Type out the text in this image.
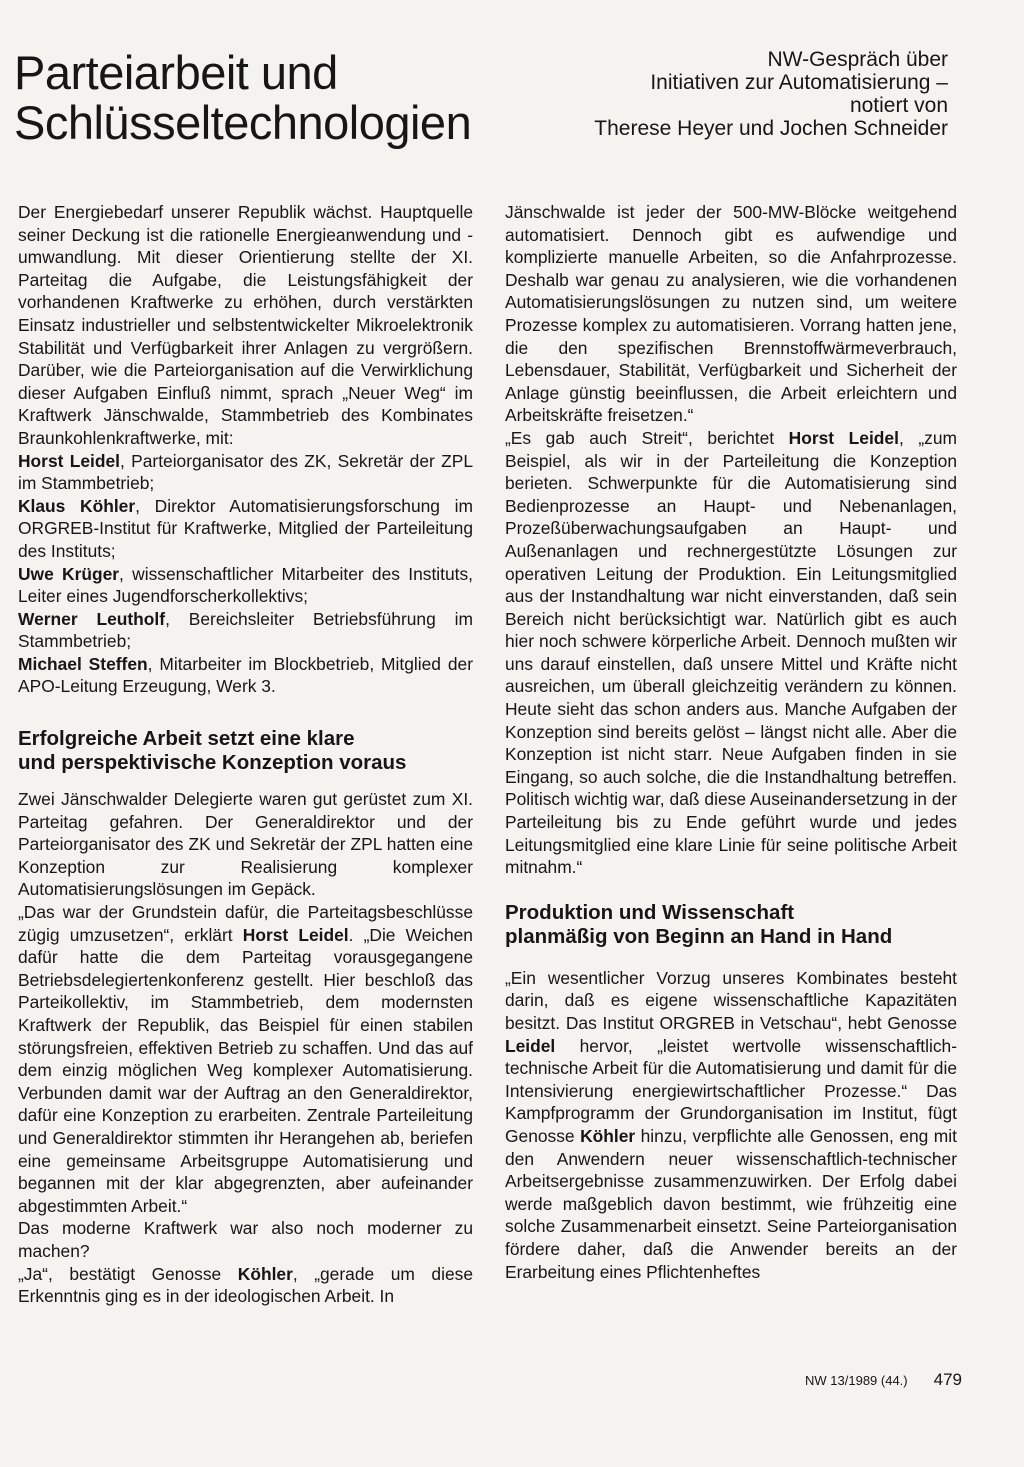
Parteiarbeit und
Schlüsseltechnologien
NW-Gespräch über
Initiativen zur Automatisierung –
notiert von
Therese Heyer und Jochen Schneider

Der Energiebedarf unserer Republik wächst. Hauptquelle seiner Deckung ist die rationelle Energieanwendung und -umwandlung. Mit dieser Orientierung stellte der XI. Parteitag die Aufgabe, die Leistungsfähigkeit der vorhandenen Kraftwerke zu erhöhen, durch verstärkten Einsatz industrieller und selbstentwickelter Mikroelektronik Stabilität und Verfügbarkeit ihrer Anlagen zu vergrößern. Darüber, wie die Parteiorganisation auf die Verwirklichung dieser Aufgaben Einfluß nimmt, sprach „Neuer Weg“ im Kraftwerk Jänschwalde, Stammbetrieb des Kombinates Braunkohlenkraftwerke, mit:

Horst Leidel, Parteiorganisator des ZK, Sekretär der ZPL im Stammbetrieb;

Klaus Köhler, Direktor Automatisierungsforschung im ORGREB-Institut für Kraftwerke, Mitglied der Parteileitung des Instituts;

Uwe Krüger, wissenschaftlicher Mitarbeiter des Instituts, Leiter eines Jugendforscherkollektivs;

Werner Leutholf, Bereichsleiter Betriebsführung im Stammbetrieb;

Michael Steffen, Mitarbeiter im Blockbetrieb, Mitglied der APO-Leitung Erzeugung, Werk 3.

Erfolgreiche Arbeit setzt eine klare
und perspektivische Konzeption voraus

Zwei Jänschwalder Delegierte waren gut gerüstet zum XI. Parteitag gefahren. Der Generaldirektor und der Parteiorganisator des ZK und Sekretär der ZPL hatten eine Konzeption zur Realisierung komplexer Automatisierungslösungen im Gepäck.

„Das war der Grundstein dafür, die Parteitagsbeschlüsse zügig umzusetzen“, erklärt Horst Leidel. „Die Weichen dafür hatte die dem Parteitag vorausgegangene Betriebsdelegiertenkonferenz gestellt. Hier beschloß das Parteikollektiv, im Stammbetrieb, dem modernsten Kraftwerk der Republik, das Beispiel für einen stabilen störungsfreien, effektiven Betrieb zu schaffen. Und das auf dem einzig möglichen Weg komplexer Automatisierung. Verbunden damit war der Auftrag an den Generaldirektor, dafür eine Konzeption zu erarbeiten. Zentrale Parteileitung und Generaldirektor stimmten ihr Herangehen ab, beriefen eine gemeinsame Arbeitsgruppe Automatisierung und begannen mit der klar abgegrenzten, aber aufeinander abgestimmten Arbeit.“

Das moderne Kraftwerk war also noch moderner zu machen?

„Ja“, bestätigt Genosse Köhler, „gerade um diese Erkenntnis ging es in der ideologischen Arbeit. In

Jänschwalde ist jeder der 500-MW-Blöcke weitgehend automatisiert. Dennoch gibt es aufwendige und komplizierte manuelle Arbeiten, so die Anfahrprozesse. Deshalb war genau zu analysieren, wie die vorhandenen Automatisierungslösungen zu nutzen sind, um weitere Prozesse komplex zu automatisieren. Vorrang hatten jene, die den spezifischen Brennstoffwärmeverbrauch, Lebensdauer, Stabilität, Verfügbarkeit und Sicherheit der Anlage günstig beeinflussen, die Arbeit erleichtern und Arbeitskräfte freisetzen.“

„Es gab auch Streit“, berichtet Horst Leidel, „zum Beispiel, als wir in der Parteileitung die Konzeption berieten. Schwerpunkte für die Automatisierung sind Bedienprozesse an Haupt- und Nebenanlagen, Prozeßüberwachungsaufgaben an Haupt- und Außenanlagen und rechnergestützte Lösungen zur operativen Leitung der Produktion. Ein Leitungsmitglied aus der Instandhaltung war nicht einverstanden, daß sein Bereich nicht berücksichtigt war. Natürlich gibt es auch hier noch schwere körperliche Arbeit. Dennoch mußten wir uns darauf einstellen, daß unsere Mittel und Kräfte nicht ausreichen, um überall gleichzeitig verändern zu können. Heute sieht das schon anders aus. Manche Aufgaben der Konzeption sind bereits gelöst – längst nicht alle. Aber die Konzeption ist nicht starr. Neue Aufgaben finden in sie Eingang, so auch solche, die die Instandhaltung betreffen. Politisch wichtig war, daß diese Auseinandersetzung in der Parteileitung bis zu Ende geführt wurde und jedes Leitungsmitglied eine klare Linie für seine politische Arbeit mitnahm.“

Produktion und Wissenschaft
planmäßig von Beginn an Hand in Hand

„Ein wesentlicher Vorzug unseres Kombinates besteht darin, daß es eigene wissenschaftliche Kapazitäten besitzt. Das Institut ORGREB in Vetschau“, hebt Genosse Leidel hervor, „leistet wertvolle wissenschaftlich-technische Arbeit für die Automatisierung und damit für die Intensivierung energiewirtschaftlicher Prozesse.“ Das Kampfprogramm der Grundorganisation im Institut, fügt Genosse Köhler hinzu, verpflichte alle Genossen, eng mit den Anwendern neuer wissenschaftlich-technischer Arbeitsergebnisse zusammenzuwirken. Der Erfolg dabei werde maßgeblich davon bestimmt, wie frühzeitig eine solche Zusammenarbeit einsetzt. Seine Parteiorganisation fördere daher, daß die Anwender bereits an der Erarbeitung eines Pflichtenheftes

NW 13/1989 (44.) 479
